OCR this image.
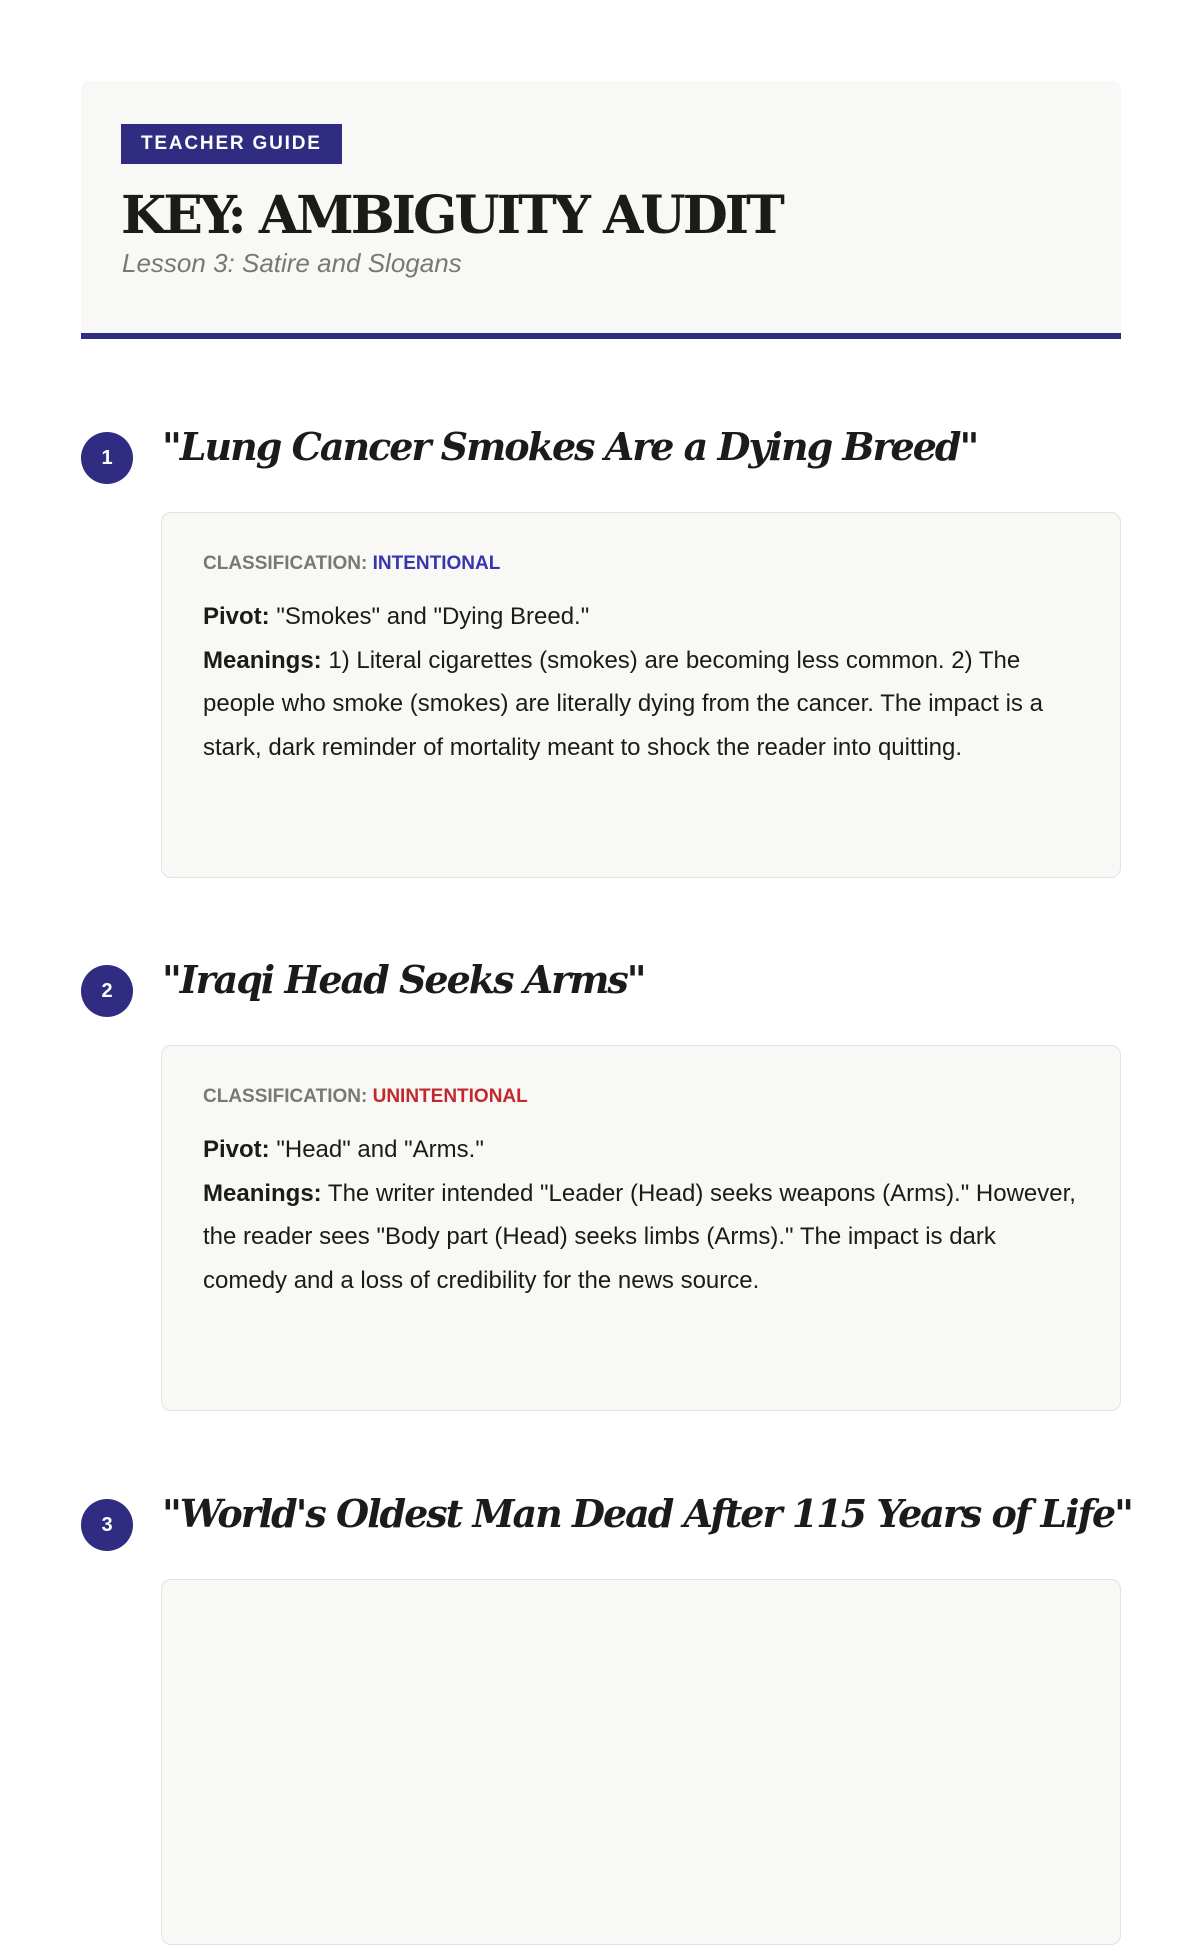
TEACHER GUIDE
KEY: AMBIGUITY AUDIT
Lesson 3: Satire and Slogans
1	"Lung Cancer Smokes Are a Dying Breed"
CLASSIFICATION: INTENTIONAL

Pivot: "Smokes" and "Dying Breed."

Meanings: 1) Literal cigarettes (smokes) are becoming less common. 2) The people who smoke (smokes) are literally dying from the cancer. The impact is a stark, dark reminder of mortality meant to shock the reader into quitting.

2	"Iraqi Head Seeks Arms"
CLASSIFICATION: UNINTENTIONAL

Pivot: "Head" and "Arms."

Meanings: The writer intended "Leader (Head) seeks weapons (Arms)." However, the reader sees "Body part (Head) seeks limbs (Arms)." The impact is dark comedy and a loss of credibility for the news source.

3	"World's Oldest Man Dead After 115 Years of Life"
